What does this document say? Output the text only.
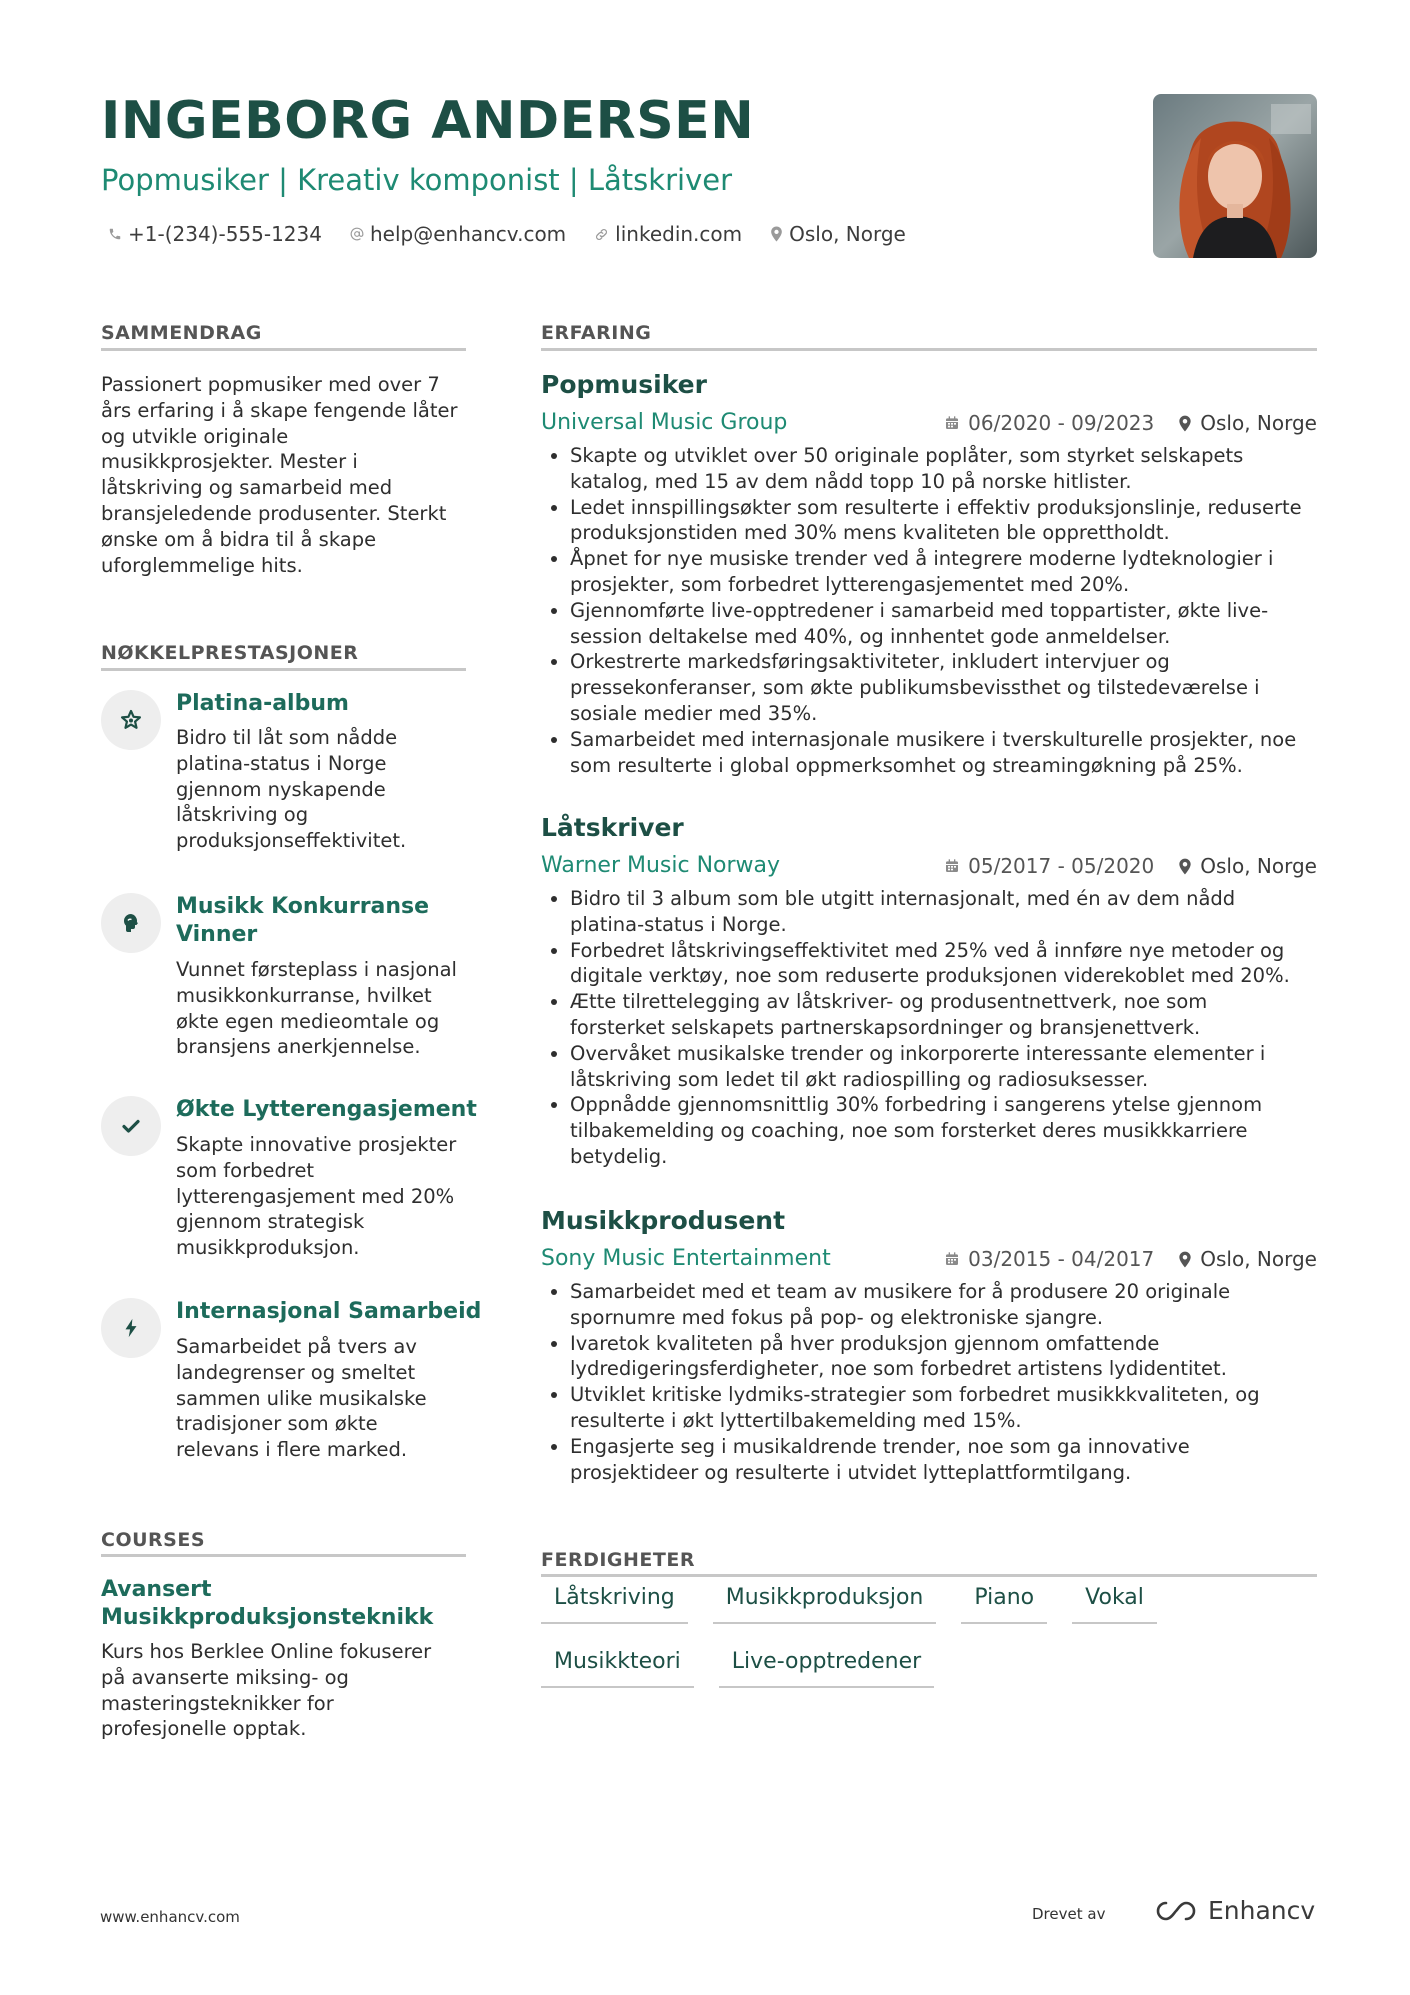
INGEBORG ANDERSEN

Popmusiker | Kreativ komponist | Låtskriver

+1-(234)-555-1234 help@enhancv.com linkedin.com Oslo, Norge
SAMMENDRAG
Passionert popmusiker med over 7
års erfaring i å skape fengende låter
og utvikle originale
musikkprosjekter. Mester i
låtskriving og samarbeid med
bransjeledende produsenter. Sterkt
ønske om å bidra til å skape
uforglemmelige hits.
NØKKELPRESTASJONER
Platina-album
Bidro til låt som nådde
platina-status i Norge
gjennom nyskapende
låtskriving og
produksjonseffektivitet.
Musikk Konkurranse
Vinner
Vunnet førsteplass i nasjonal
musikkonkurranse, hvilket
økte egen medieomtale og
bransjens anerkjennelse.
Økte Lytterengasjement
Skapte innovative prosjekter
som forbedret
lytterengasjement med 20%
gjennom strategisk
musikkproduksjon.
Internasjonal Samarbeid
Samarbeidet på tvers av
landegrenser og smeltet
sammen ulike musikalske
tradisjoner som økte
relevans i flere marked.
COURSES
Avansert
Musikkproduksjonsteknikk
Kurs hos Berklee Online fokuserer
på avanserte miksing- og
masteringsteknikker for
profesjonelle opptak.
ERFARING
Popmusiker
Universal Music Group	06/2020 - 09/2023 Oslo, Norge
• Skapte og utviklet over 50 originale poplåter, som styrket selskapets
katalog, med 15 av dem nådd topp 10 på norske hitlister.
• Ledet innspillingsøkter som resulterte i effektiv produksjonslinje, reduserte
produksjonstiden med 30% mens kvaliteten ble opprettholdt.
• Åpnet for nye musiske trender ved å integrere moderne lydteknologier i
prosjekter, som forbedret lytterengasjementet med 20%.
• Gjennomførte live-opptredener i samarbeid med toppartister, økte live-
session deltakelse med 40%, og innhentet gode anmeldelser.
• Orkestrerte markedsføringsaktiviteter, inkludert intervjuer og
pressekonferanser, som økte publikumsbevissthet og tilstedeværelse i
sosiale medier med 35%.
• Samarbeidet med internasjonale musikere i tverskulturelle prosjekter, noe
som resulterte i global oppmerksomhet og streamingøkning på 25%.
Låtskriver
Warner Music Norway	05/2017 - 05/2020 Oslo, Norge
• Bidro til 3 album som ble utgitt internasjonalt, med én av dem nådd
platina-status i Norge.
• Forbedret låtskrivingseffektivitet med 25% ved å innføre nye metoder og
digitale verktøy, noe som reduserte produksjonen viderekoblet med 20%.
• Ætte tilrettelegging av låtskriver- og produsentnettverk, noe som
forsterket selskapets partnerskapsordninger og bransjenettverk.
• Overvåket musikalske trender og inkorporerte interessante elementer i
låtskriving som ledet til økt radiospilling og radiosuksesser.
• Oppnådde gjennomsnittlig 30% forbedring i sangerens ytelse gjennom
tilbakemelding og coaching, noe som forsterket deres musikkkarriere
betydelig.
Musikkprodusent
Sony Music Entertainment	03/2015 - 04/2017 Oslo, Norge
• Samarbeidet med et team av musikere for å produsere 20 originale
spornumre med fokus på pop- og elektroniske sjangre.
• Ivaretok kvaliteten på hver produksjon gjennom omfattende
lydredigeringsferdigheter, noe som forbedret artistens lydidentitet.
• Utviklet kritiske lydmiks-strategier som forbedret musikkkvaliteten, og
resulterte i økt lyttertilbakemelding med 15%.
• Engasjerte seg i musikaldrende trender, noe som ga innovative
prosjektideer og resulterte i utvidet lytteplattformtilgang.
FERDIGHETER
Låtskriving	Musikkproduksjon	Piano	Vokal
Musikkteori	Live-opptredener
www.enhancv.com	Drevet av	Enhancv
